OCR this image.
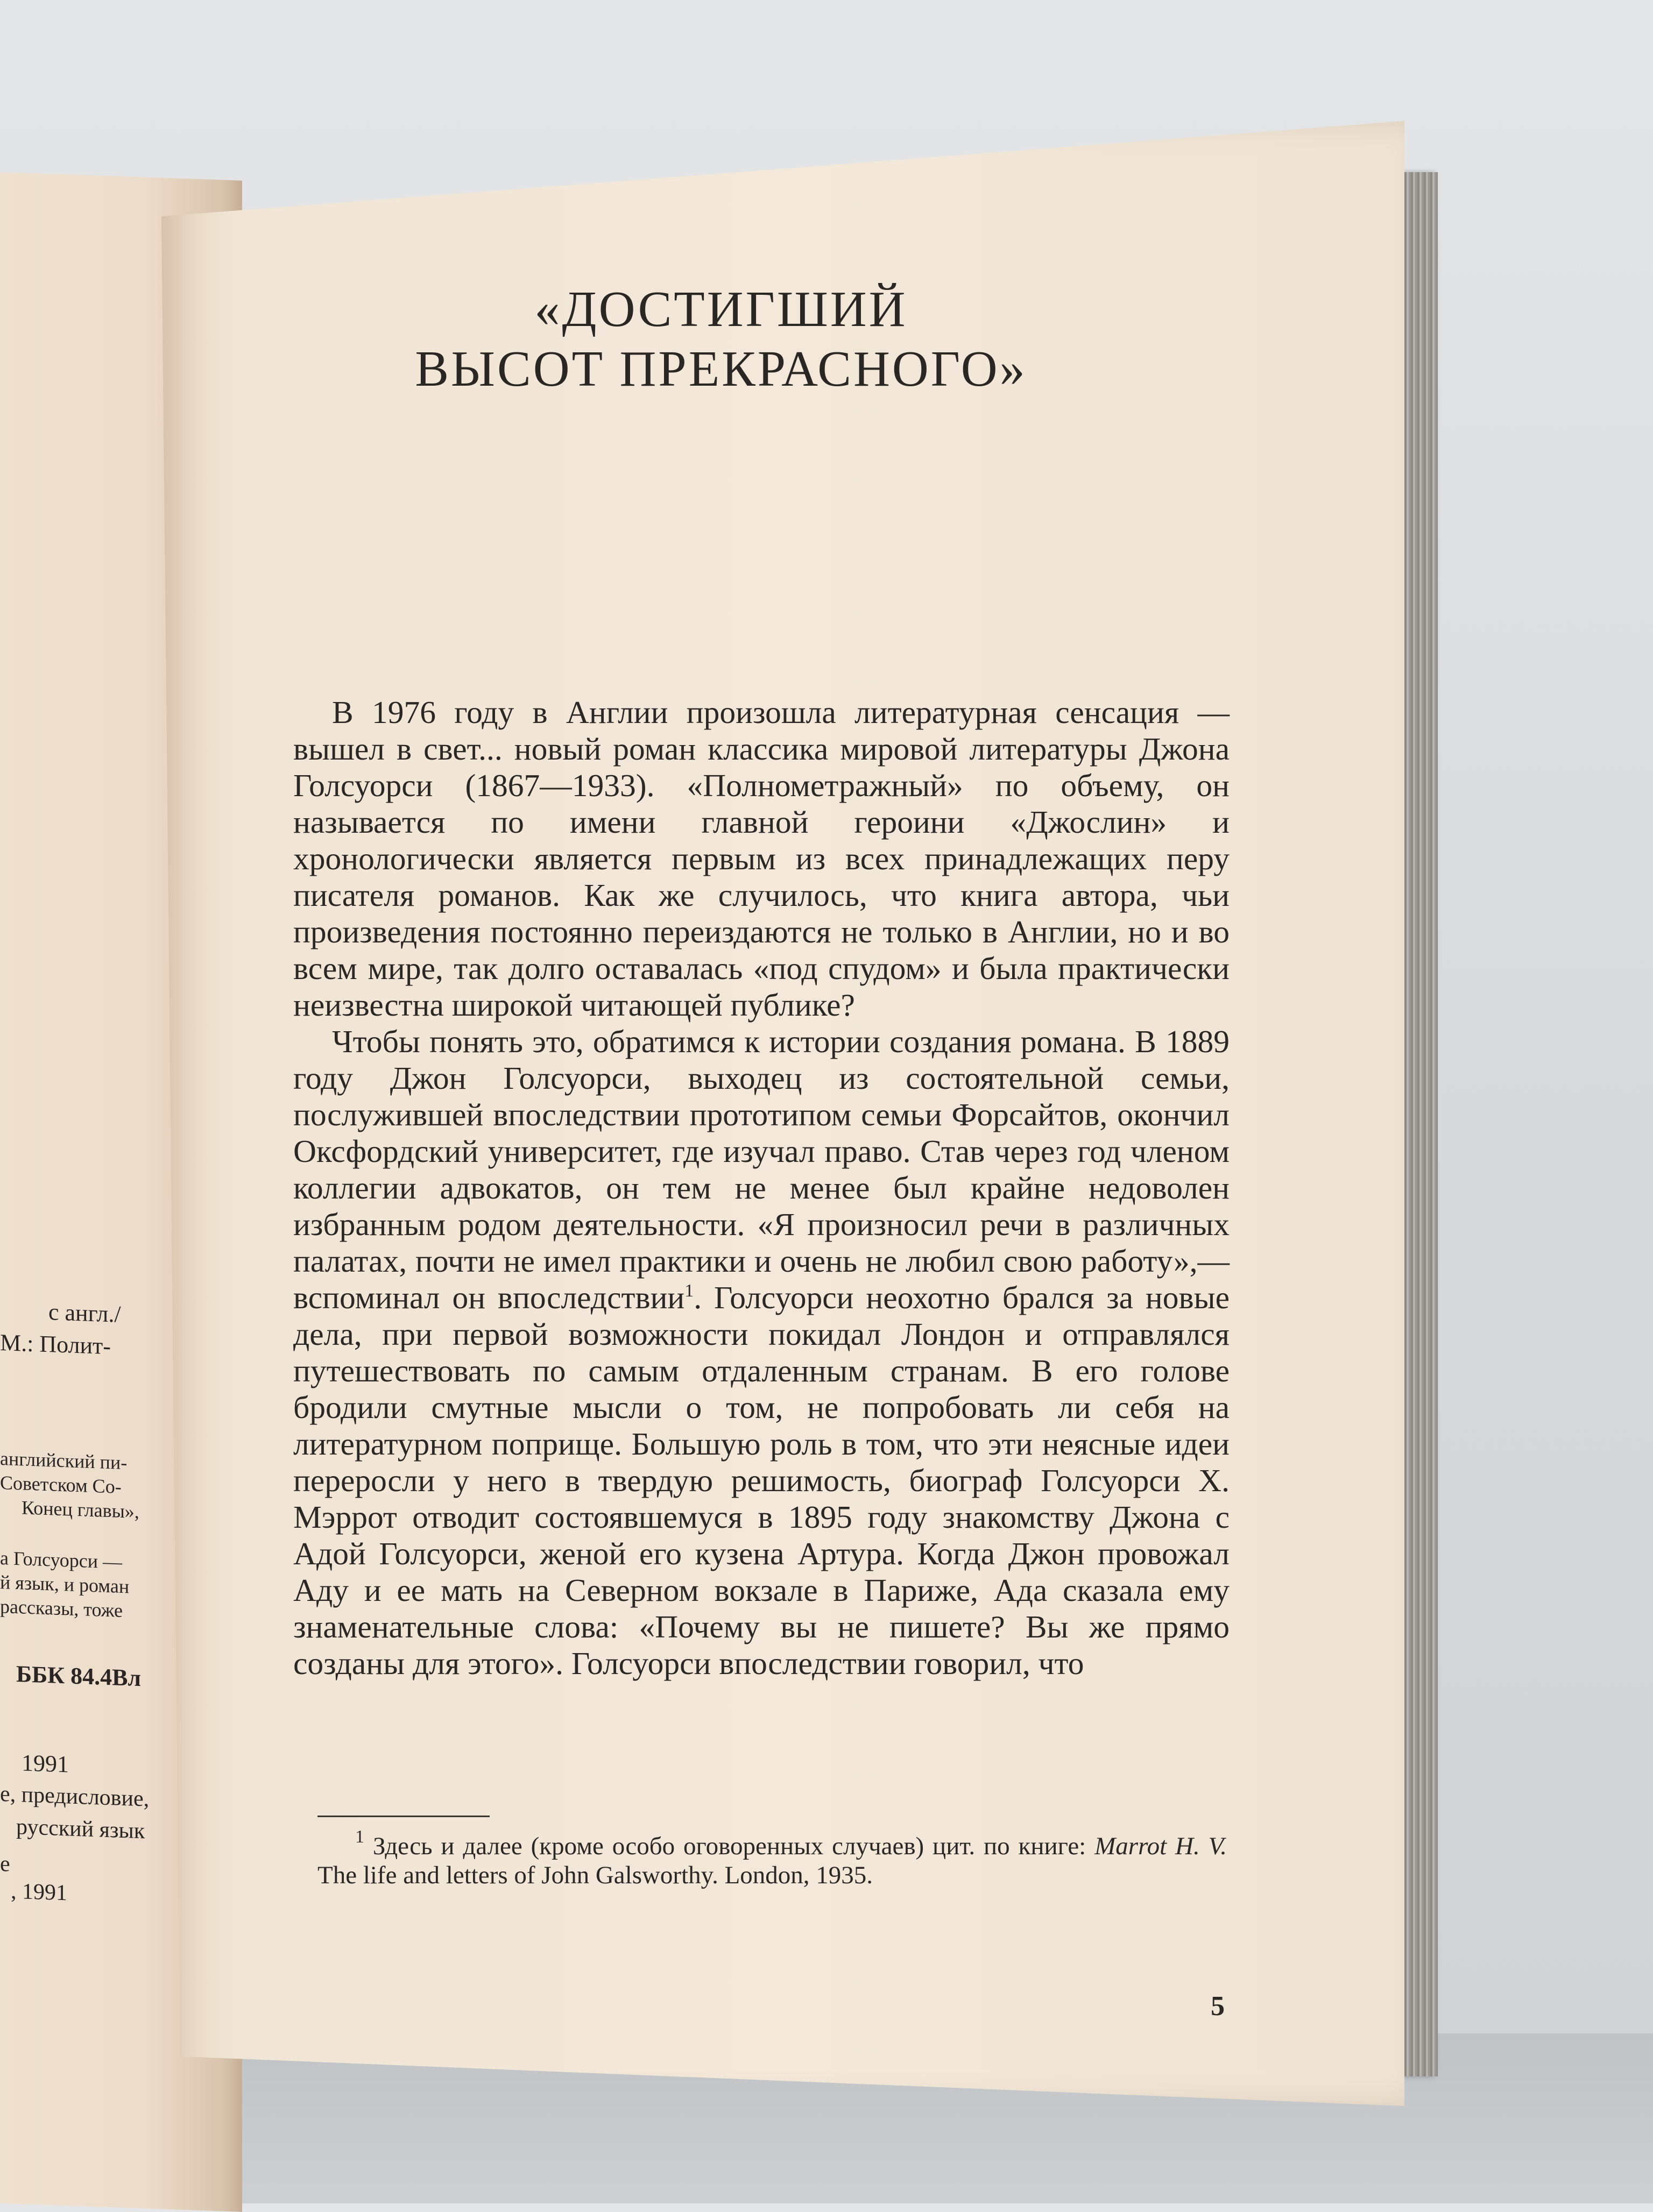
с англ./
М.: Полит-
английский пи-
Советском Со-
Конец главы»,
а Голсуорси —
й язык, и роман
рассказы, тоже
ББК 84.4Вл
1991
е, предисловие,
русский язык
е
, 1991
«ДОСТИГШИЙ
ВЫСОТ ПРЕКРАСНОГО»

В 1976 году в Англии произошла литературная сенсация — вышел в свет... новый роман классика мировой литературы Джона Голсуорси (1867—1933). «Полнометражный» по объему, он называется по имени главной героини «Джослин» и хронологически является первым из всех принадлежащих перу писателя романов. Как же случилось, что книга автора, чьи произведения постоянно переиздаются не только в Англии, но и во всем мире, так долго оставалась «под спудом» и была практически неизвестна широкой читающей публике?

Чтобы понять это, обратимся к истории создания романа. В 1889 году Джон Голсуорси, выходец из состоятельной семьи, послужившей впоследствии прототипом семьи Форсайтов, окончил Оксфордский университет, где изучал право. Став через год членом коллегии адвокатов, он тем не менее был крайне недоволен избранным родом деятельности. «Я произносил речи в различных палатах, почти не имел практики и очень не любил свою работу»,— вспоминал он впоследствии$^1$. Голсуорси неохотно брался за новые дела, при первой возможности покидал Лондон и отправлялся путешествовать по самым отдаленным странам. В его голове бродили смутные мысли о том, не попробовать ли себя на литературном поприще. Большую роль в том, что эти неясные идеи переросли у него в твердую решимость, биограф Голсуорси Х. Мэррот отводит состоявшемуся в 1895 году знакомству Джона с Адой Голсуорси, женой его кузена Артура. Когда Джон провожал Аду и ее мать на Северном вокзале в Париже, Ада сказала ему знаменательные слова: «Почему вы не пишете? Вы же прямо созданы для этого». Голсуорси впоследствии говорил, что

$^1$ Здесь и далее (кроме особо оговоренных случаев) цит. по книге: Marrot H. V. The life and letters of John Galsworthy. London, 1935.

5
